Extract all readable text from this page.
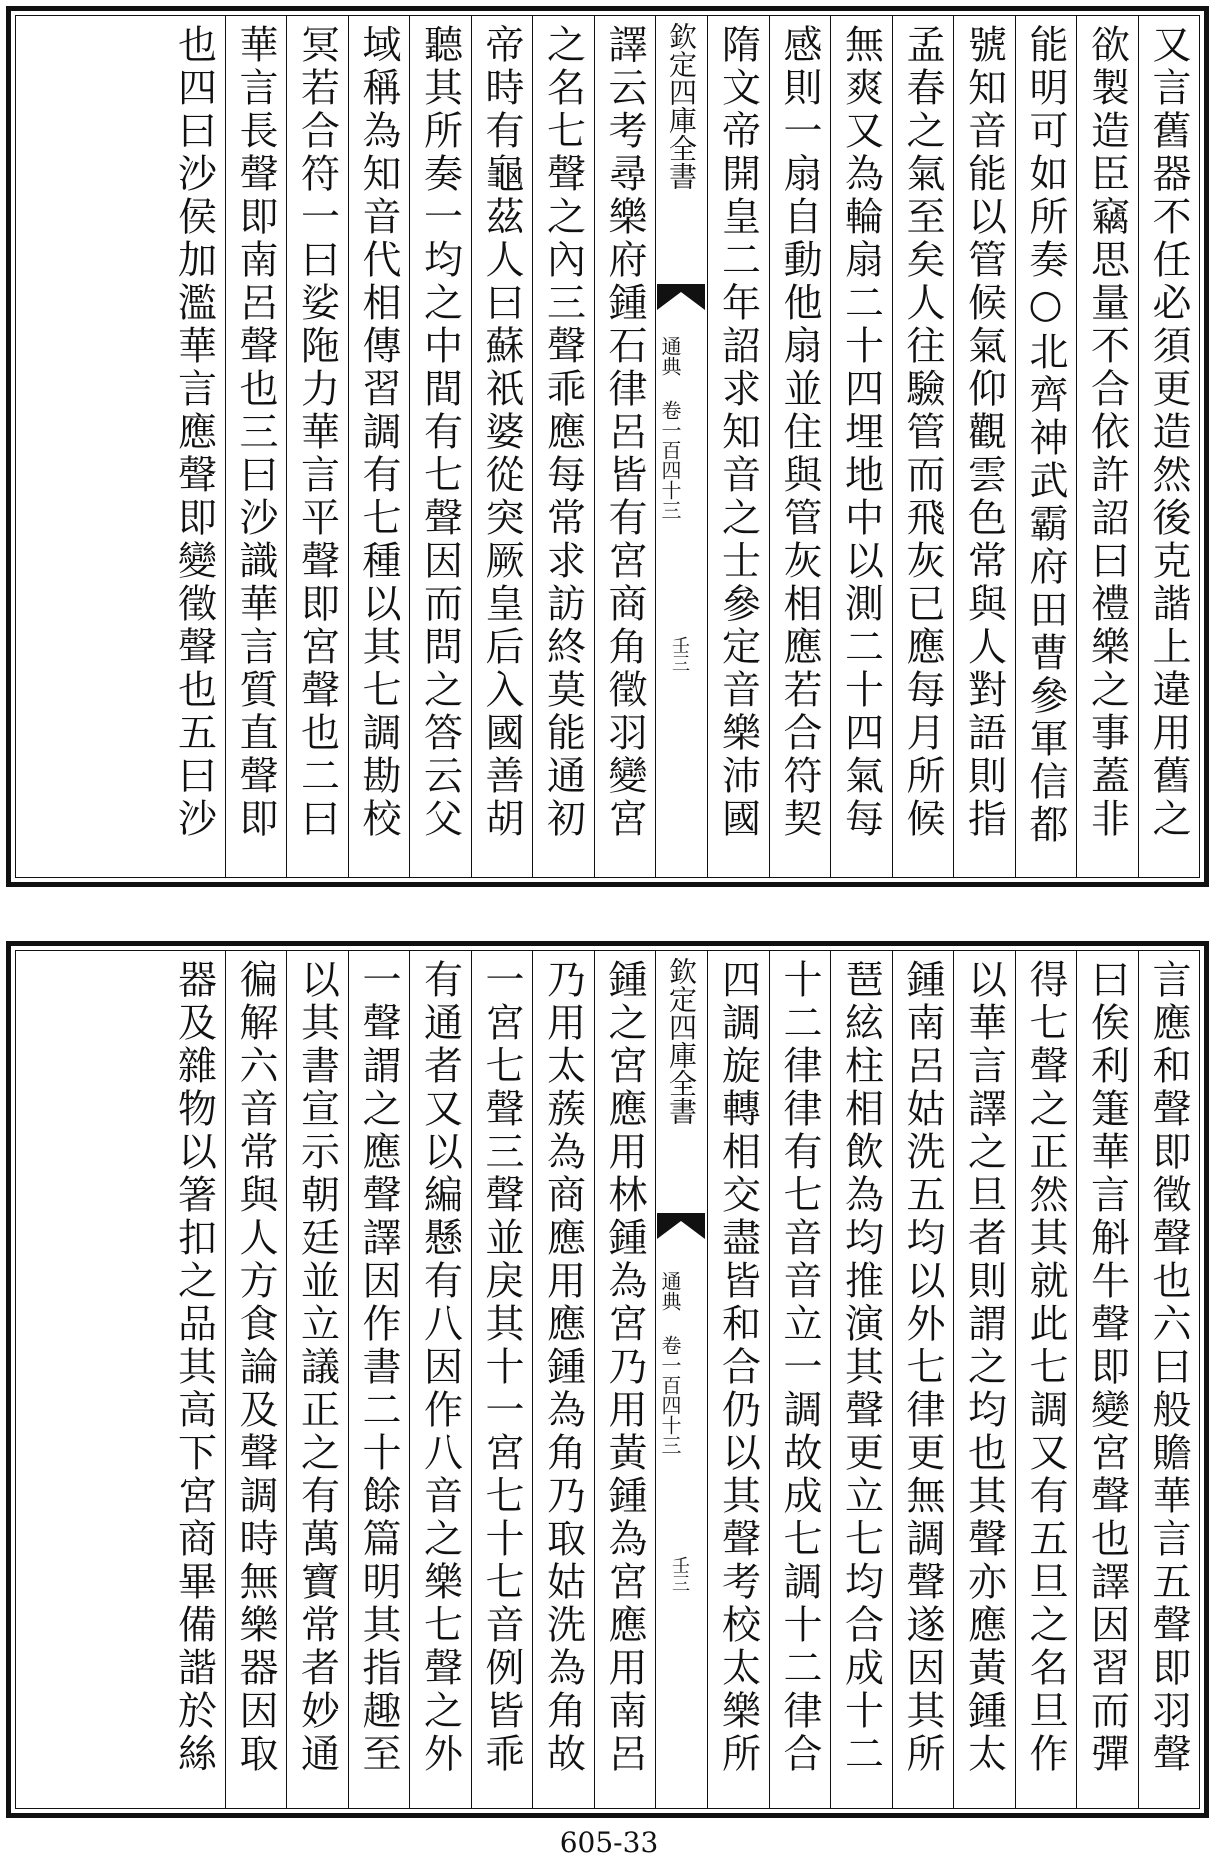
又言舊器不任必須更造然後克諧上違用舊之
欲製造臣竊思量不合依許詔曰禮樂之事蓋非
能明可如所奏○北齊神武霸府田曹參軍信都
號知音能以管候氣仰觀雲色常與人對語則指
孟春之氣至矣人往驗管而飛灰已應每月所候
無爽又為輪扇二十四埋地中以測二十四氣每
感則一扇自動他扇並住與管灰相應若合符契
隋文帝開皇二年詔求知音之士參定音樂沛國
欽定四庫全書
通典 卷一百四十三
壬三
譯云考尋樂府鍾石律呂皆有宮商角徵羽變宮
之名七聲之內三聲乖應每常求訪終莫能通初
帝時有龜茲人曰蘇祇婆從突厥皇后入國善胡
聽其所奏一均之中間有七聲因而問之答云父
域稱為知音代相傳習調有七種以其七調勘校
冥若合符一曰娑陁力華言平聲即宮聲也二曰
華言長聲即南呂聲也三曰沙識華言質直聲即
也四曰沙侯加濫華言應聲即變徵聲也五曰沙
言應和聲即徵聲也六曰般贍華言五聲即羽聲
曰俟利箑華言斛牛聲即變宮聲也譯因習而彈
得七聲之正然其就此七調又有五旦之名旦作
以華言譯之旦者則謂之均也其聲亦應黃鍾太
鍾南呂姑洗五均以外七律更無調聲遂因其所
琶絃柱相飲為均推演其聲更立七均合成十二
十二律律有七音音立一調故成七調十二律合
四調旋轉相交盡皆和合仍以其聲考校太樂所
欽定四庫全書
通典 卷一百四十三
壬三
鍾之宮應用林鍾為宮乃用黃鍾為宮應用南呂
乃用太蔟為商應用應鍾為角乃取姑洗為角故
一宮七聲三聲並戾其十一宮七十七音例皆乖
有通者又以編懸有八因作八音之樂七聲之外
一聲謂之應聲譯因作書二十餘篇明其指趣至
以其書宣示朝廷並立議正之有萬寶常者妙通
徧解六音常與人方食論及聲調時無樂器因取
器及雜物以箸扣之品其高下宮商畢備諧於絲
605-33
